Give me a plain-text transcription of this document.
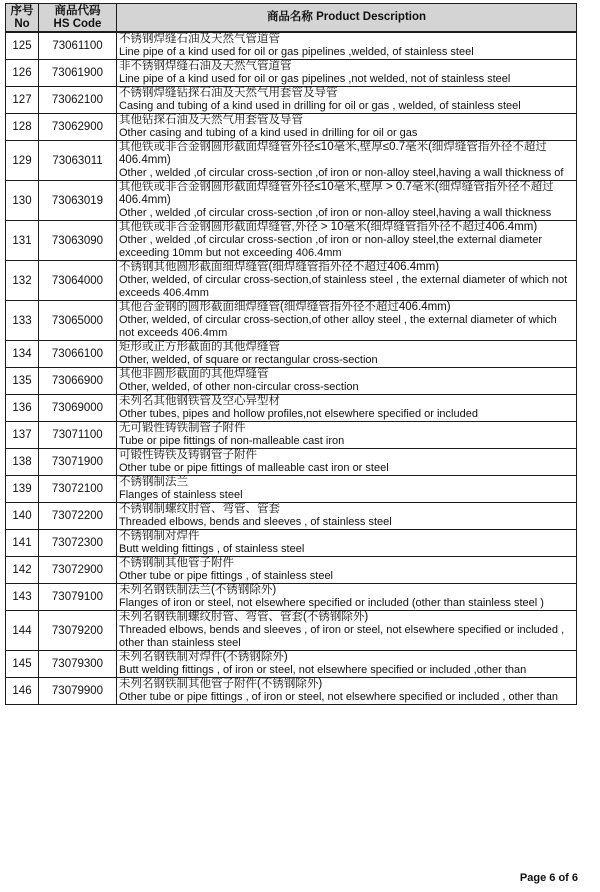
序号
No

商品代码
HS Code

商品名称 Product Description

125	73061100	不锈钢焊缝石油及天然气管道管
Line pipe of a kind used for oil or gas pipelines ,welded, of stainless steel

126	73061900	非不锈钢焊缝石油及天然气管道管
Line pipe of a kind used for oil or gas pipelines ,not welded, not of stainless steel

127	73062100	不锈钢焊缝钻探石油及天然气用套管及导管
Casing and tubing of a kind used in drilling for oil or gas , welded, of stainless steel

128	73062900	其他钻探石油及天然气用套管及导管
Other casing and tubing of a kind used in drilling for oil or gas

129	73063011	其他铁或非合金钢圆形截面焊缝管外径≤10毫米,壁厚≤0.7毫米(细焊缝管指外径不超过406.4mm)
Other , welded ,of circular cross-section ,of iron or non-alloy steel,having a wall thickness of

130	73063019	其他铁或非合金钢圆形截面焊缝管外径≤10毫米,壁厚 > 0.7毫米(细焊缝管指外径不超过406.4mm)
Other , welded ,of circular cross-section ,of iron or non-alloy steel,having a wall thickness

131	73063090	其他铁或非合金钢圆形截面焊缝管,外径 > 10毫米(细焊缝管指外径不超过406.4mm)
Other , welded ,of circular cross-section ,of iron or non-alloy steel,the external diameter exceeding 10mm but not exceeding 406.4mm

132	73064000	不锈钢其他圆形截面细焊缝管(细焊缝管指外径不超过406.4mm)
Other, welded, of circular cross-section,of stainless steel , the external diameter of which not exceeds 406.4mm

133	73065000	其他合金钢的圆形截面细焊缝管(细焊缝管指外径不超过406.4mm)
Other, welded, of circular cross-section,of other alloy steel , the external diameter of which not exceeds 406.4mm

134	73066100	矩形或正方形截面的其他焊缝管
Other, welded, of square or rectangular cross-section

135	73066900	其他非圆形截面的其他焊缝管
Other, welded, of other non-circular cross-section

136	73069000	未列名其他钢铁管及空心异型材
Other tubes, pipes and hollow profiles,not elsewhere specified or included

137	73071100	无可锻性铸铁制管子附件
Tube or pipe fittings of non-malleable cast iron

138	73071900	可锻性铸铁及铸钢管子附件
Other tube or pipe fittings of malleable cast iron or steel

139	73072100	不锈钢制法兰
Flanges of stainless steel

140	73072200	不锈钢制螺纹肘管、弯管、管套
Threaded elbows, bends and sleeves , of stainless steel

141	73072300	不锈钢制对焊件
Butt welding fittings , of stainless steel

142	73072900	不锈钢制其他管子附件
Other tube or pipe fittings , of stainless steel

143	73079100	未列名钢铁制法兰(不锈钢除外)
Flanges of iron or steel, not elsewhere specified or included (other than stainless steel )

144	73079200	未列名钢铁制螺纹肘管、弯管、管套(不锈钢除外)
Threaded elbows, bends and sleeves , of iron or steel, not elsewhere specified or included , other than stainless steel

145	73079300	未列名钢铁制对焊件(不锈钢除外)
Butt welding fittings , of iron or steel, not elsewhere specified or included ,other than

146	73079900	未列名钢铁制其他管子附件(不锈钢除外)
Other tube or pipe fittings , of iron or steel, not elsewhere specified or included , other than
Page 6 of 6
